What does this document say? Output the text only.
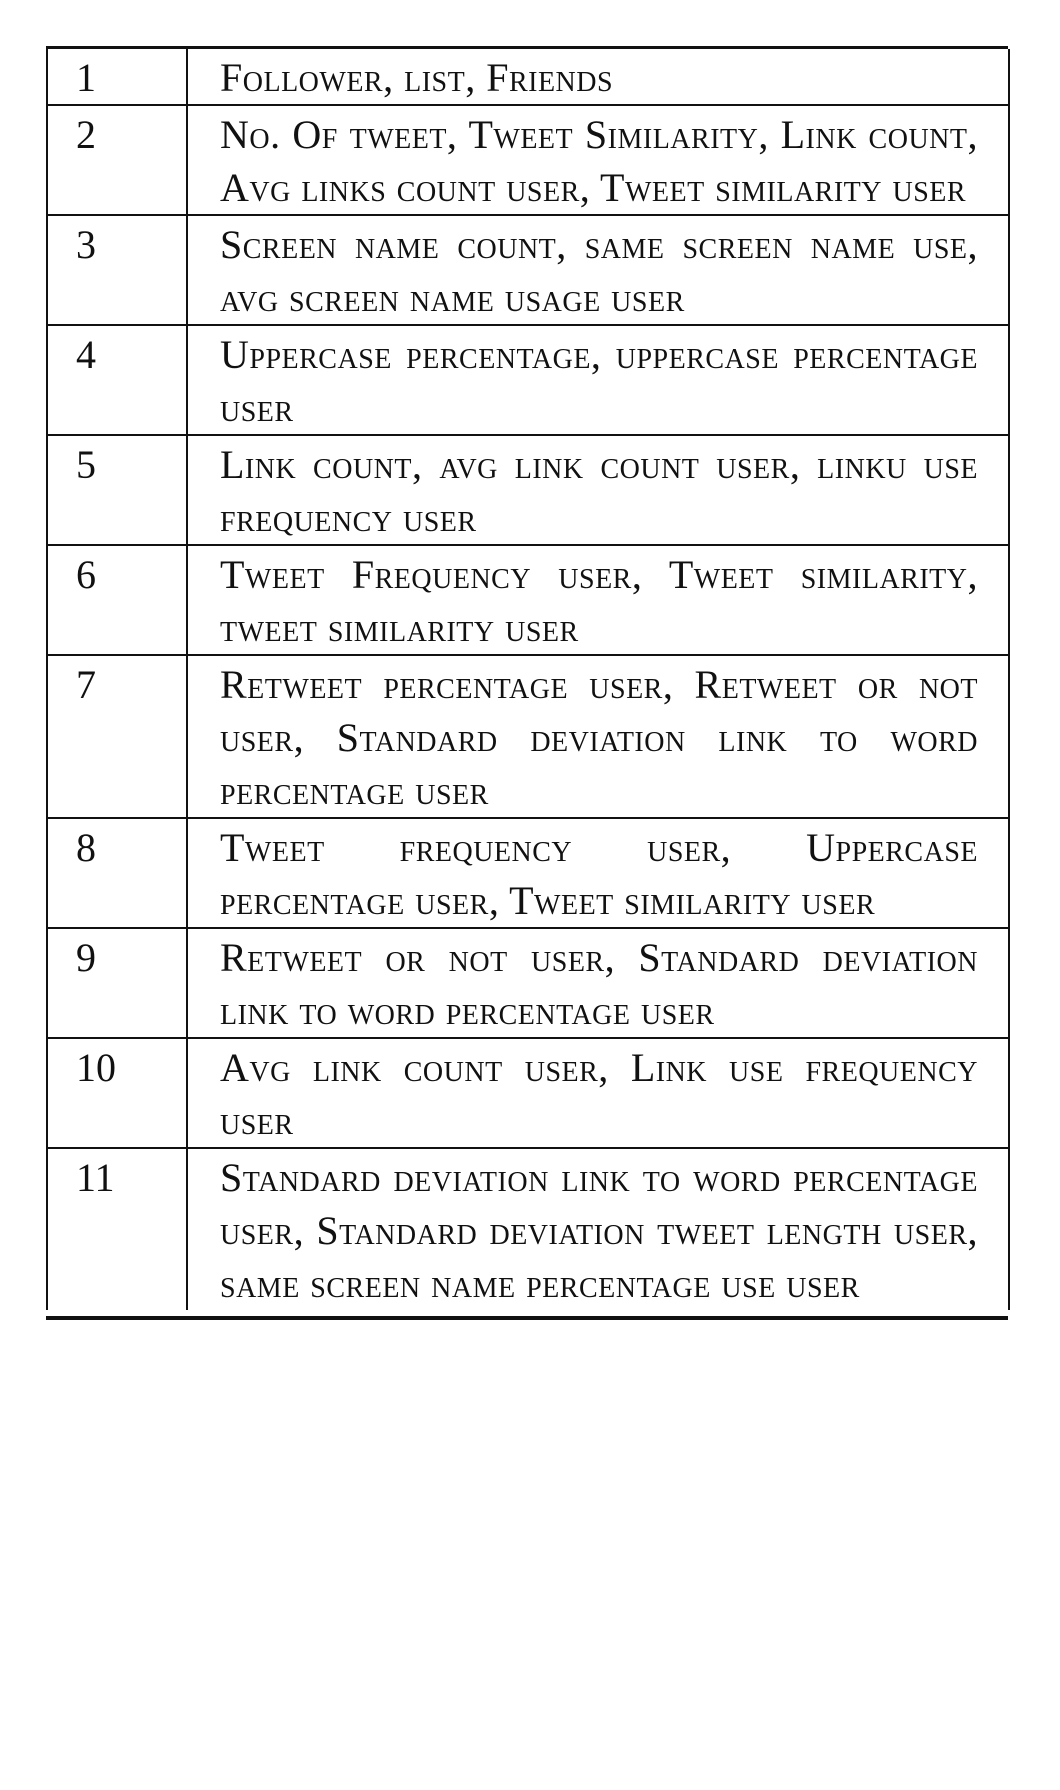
1	Follower, list, Friends
2	No. Of tweet, Tweet Similarity, Link count, Avg links count user, Tweet similarity user
3	Screen name count, same screen name use, avg screen name usage user
4	Uppercase percentage, uppercase percentage user
5	Link count, avg link count user, linku use frequency user
6	Tweet Frequency user, Tweet similarity, tweet similarity user
7	Retweet percentage user, Retweet or not user, Standard deviation link to word percentage user
8	Tweet frequency user, Uppercase percentage user, Tweet similarity user
9	Retweet or not user, Standard deviation link to word percentage user
10	Avg link count user, Link use frequency user
11	Standard deviation link to word percentage user, Standard deviation tweet length user, same screen name percentage use user
